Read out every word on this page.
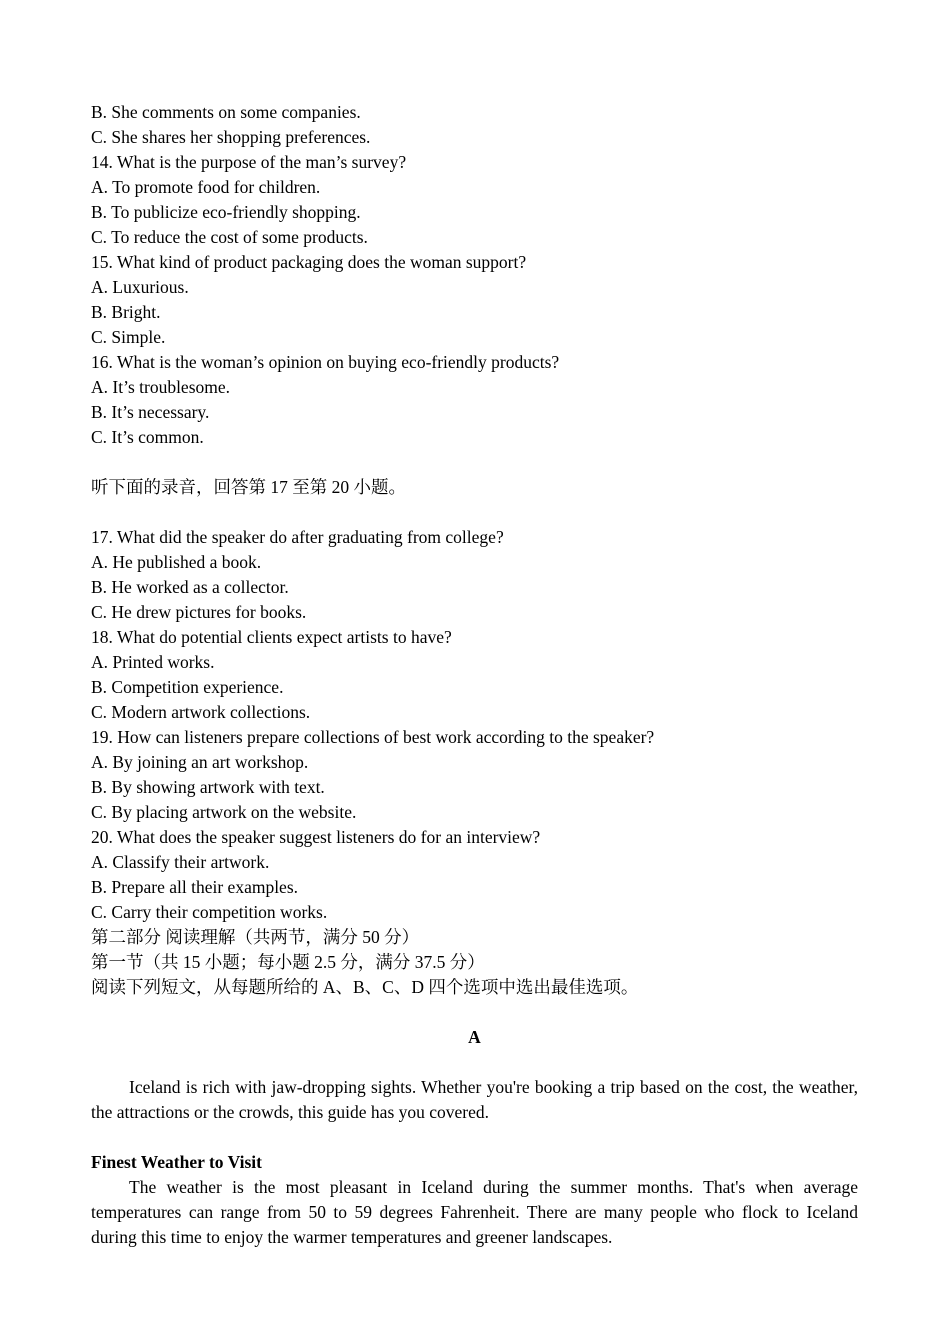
B. She comments on some companies.
C. She shares her shopping preferences.
14. What is the purpose of the man’s survey?
A. To promote food for children.
B. To publicize eco-friendly shopping.
C. To reduce the cost of some products.
15. What kind of product packaging does the woman support?
A. Luxurious.
B. Bright.
C. Simple.
16. What is the woman’s opinion on buying eco-friendly products?
A. It’s troublesome.
B. It’s necessary.
C. It’s common.
听下面的录音，回答第 17 至第 20 小题。
17. What did the speaker do after graduating from college?
A. He published a book.
B. He worked as a collector.
C. He drew pictures for books.
18. What do potential clients expect artists to have?
A. Printed works.
B. Competition experience.
C. Modern artwork collections.
19. How can listeners prepare collections of best work according to the speaker?
A. By joining an art workshop.
B. By showing artwork with text.
C. By placing artwork on the website.
20. What does the speaker suggest listeners do for an interview?
A. Classify their artwork.
B. Prepare all their examples.
C. Carry their competition works.
第二部分 阅读理解（共两节，满分 50 分）
第一节（共 15 小题；每小题 2.5 分，满分 37.5 分）
阅读下列短文，从每题所给的 A、B、C、D 四个选项中选出最佳选项。
A

Iceland is rich with jaw-dropping sights. Whether you're booking a trip based on the cost, the weather, the attractions or the crowds, this guide has you covered.

Finest Weather to Visit

The weather is the most pleasant in Iceland during the summer months. That's when average temperatures can range from 50 to 59 degrees Fahrenheit. There are many people who flock to Iceland during this time to enjoy the warmer temperatures and greener landscapes.
